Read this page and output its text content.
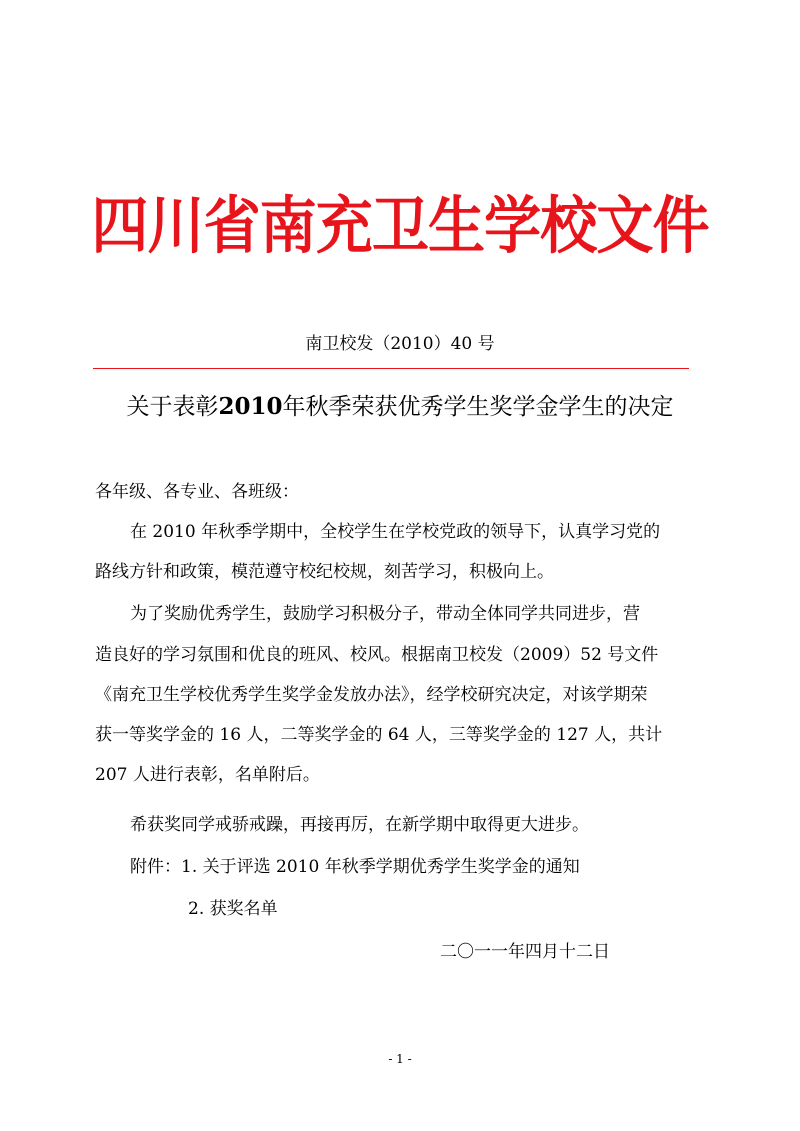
四川省南充卫生学校文件
南卫校发（2010）40 号
关于表彰2010年秋季荣获优秀学生奖学金学生的决定
各年级、各专业、各班级：
在 2010 年秋季学期中，全校学生在学校党政的领导下，认真学习党的
路线方针和政策，模范遵守校纪校规，刻苦学习，积极向上。
为了奖励优秀学生，鼓励学习积极分子，带动全体同学共同进步，营
造良好的学习氛围和优良的班风、校风。根据南卫校发（2009）52 号文件
《南充卫生学校优秀学生奖学金发放办法》，经学校研究决定，对该学期荣
获一等奖学金的 16 人，二等奖学金的 64 人，三等奖学金的 127 人，共计
207 人进行表彰，名单附后。
希获奖同学戒骄戒躁，再接再厉，在新学期中取得更大进步。
附件：1. 关于评选 2010 年秋季学期优秀学生奖学金的通知
2. 获奖名单
二〇一一年四月十二日
- 1 -
